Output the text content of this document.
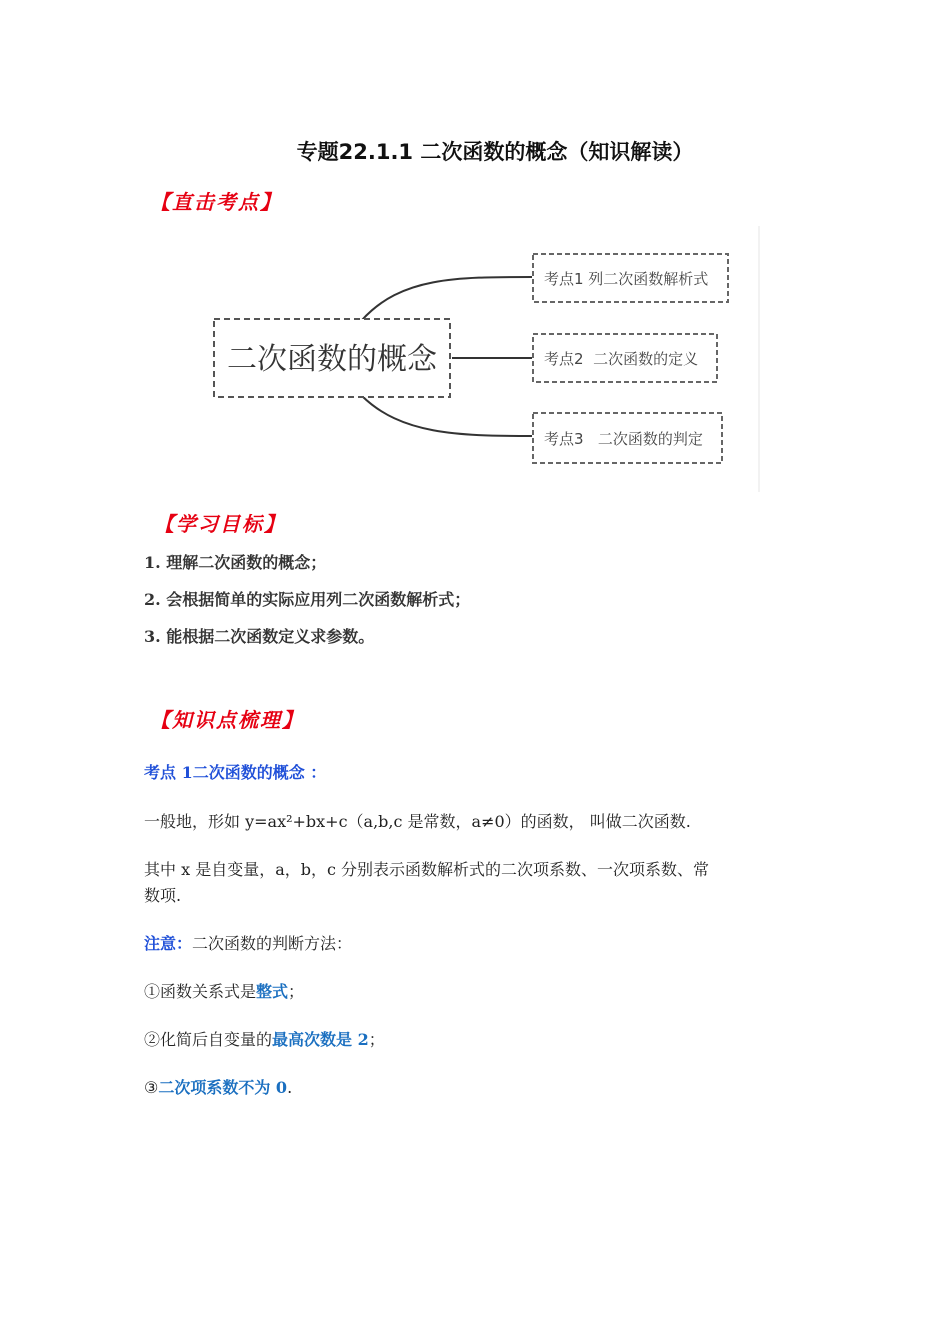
专题22.1.1 二次函数的概念（知识解读）
【直击考点】
二次函数的概念
考点1 列二次函数解析式
考点2  二次函数的定义
考点3   二次函数的判定
【学习目标】
1. 理解二次函数的概念；
2. 会根据简单的实际应用列二次函数解析式；
3. 能根据二次函数定义求参数。
【知识点梳理】
考点 1二次函数的概念 ：
一般地，形如 y=ax²+bx+c（a,b,c 是常数，a≠0）的函数， 叫做二次函数.
其中 x 是自变量，a，b，c 分别表示函数解析式的二次项系数、一次项系数、常
数项.
注意：二次函数的判断方法：
①函数关系式是整式；
②化简后自变量的最高次数是 2；
③二次项系数不为 0.
